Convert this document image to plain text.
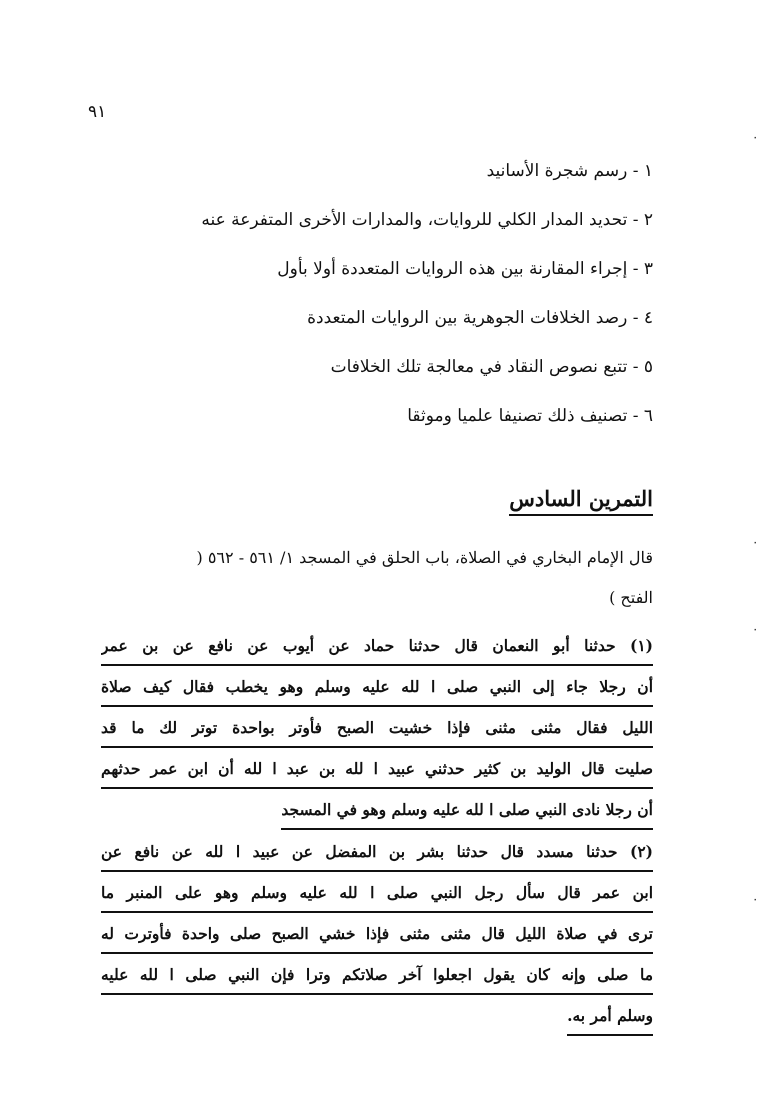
٩١
١ - رسم شجرة الأسانيد
٢ - تحديد المدار الكلي للروايات، والمدارات الأخرى المتفرعة عنه
٣ - إجراء المقارنة بين هذه الروايات المتعددة أولا بأول
٤ - رصد الخلافات الجوهرية بين الروايات المتعددة
٥ - تتبع نصوص النقاد في معالجة تلك الخلافات
٦ - تصنيف ذلك تصنيفا علميا وموثقا
التمرين السادس
قال الإمام البخاري في الصلاة، باب الحلق في المسجد ١/ ٥٦١ - ٥٦٢ (
الفتح )
(١) حدثنا أبو النعمان قال حدثنا حماد عن أيوب عن نافع عن بن عمر
أن رجلا جاء إلى النبي صلى ا لله عليه وسلم وهو يخطب فقال كيف صلاة
الليل فقال مثنى مثنى فإذا خشيت الصبح فأوتر بواحدة توتر لك ما قد
صليت قال الوليد بن كثير حدثني عبيد ا لله بن عبد ا لله أن ابن عمر حدثهم
أن رجلا نادى النبي صلى ا لله عليه وسلم وهو في المسجد
(٢) حدثنا مسدد قال حدثنا بشر بن المفضل عن عبيد ا لله عن نافع عن
ابن عمر قال سأل رجل النبي صلى ا لله عليه وسلم وهو على المنبر ما
ترى في صلاة الليل قال مثنى مثنى فإذا خشي الصبح صلى واحدة فأوترت له
ما صلى وإنه كان يقول اجعلوا آخر صلاتكم وترا فإن النبي صلى ا لله عليه
وسلم أمر به.
٠
٠
٠
٠
